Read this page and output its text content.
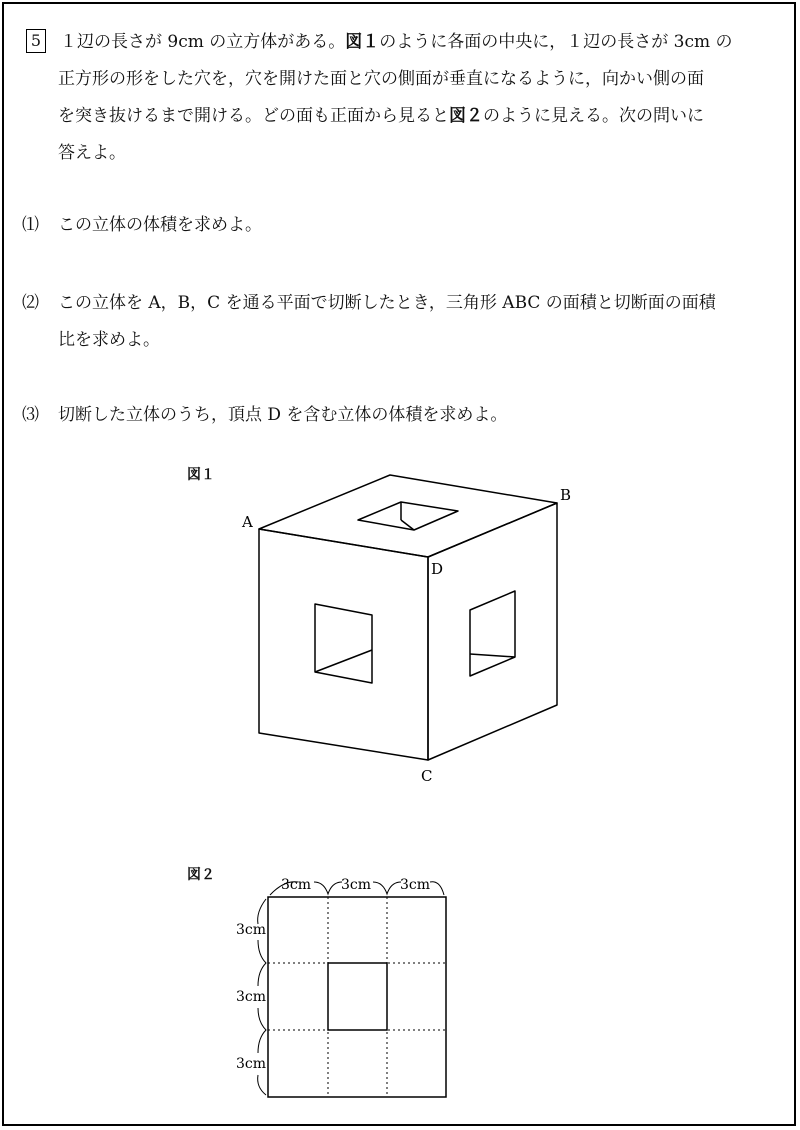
5 １辺の長さが 9cm の立方体がある。図１のように各面の中央に，１辺の長さが 3cm の
正方形の形をした穴を，穴を開けた面と穴の側面が垂直になるように，向かい側の面
を突き抜けるまで開ける。どの面も正面から見ると図２のように見える。次の問いに
答えよ。
⑴ この立体の体積を求めよ。
⑵ この立体を A，B，C を通る平面で切断したとき，三角形 ABC の面積と切断面の面積
比を求めよ。
⑶ 切断した立体のうち，頂点 D を含む立体の体積を求めよ。
図１
A
B
C
D
図２
3cm 3cm 3cm
3cm
3cm
3cm
